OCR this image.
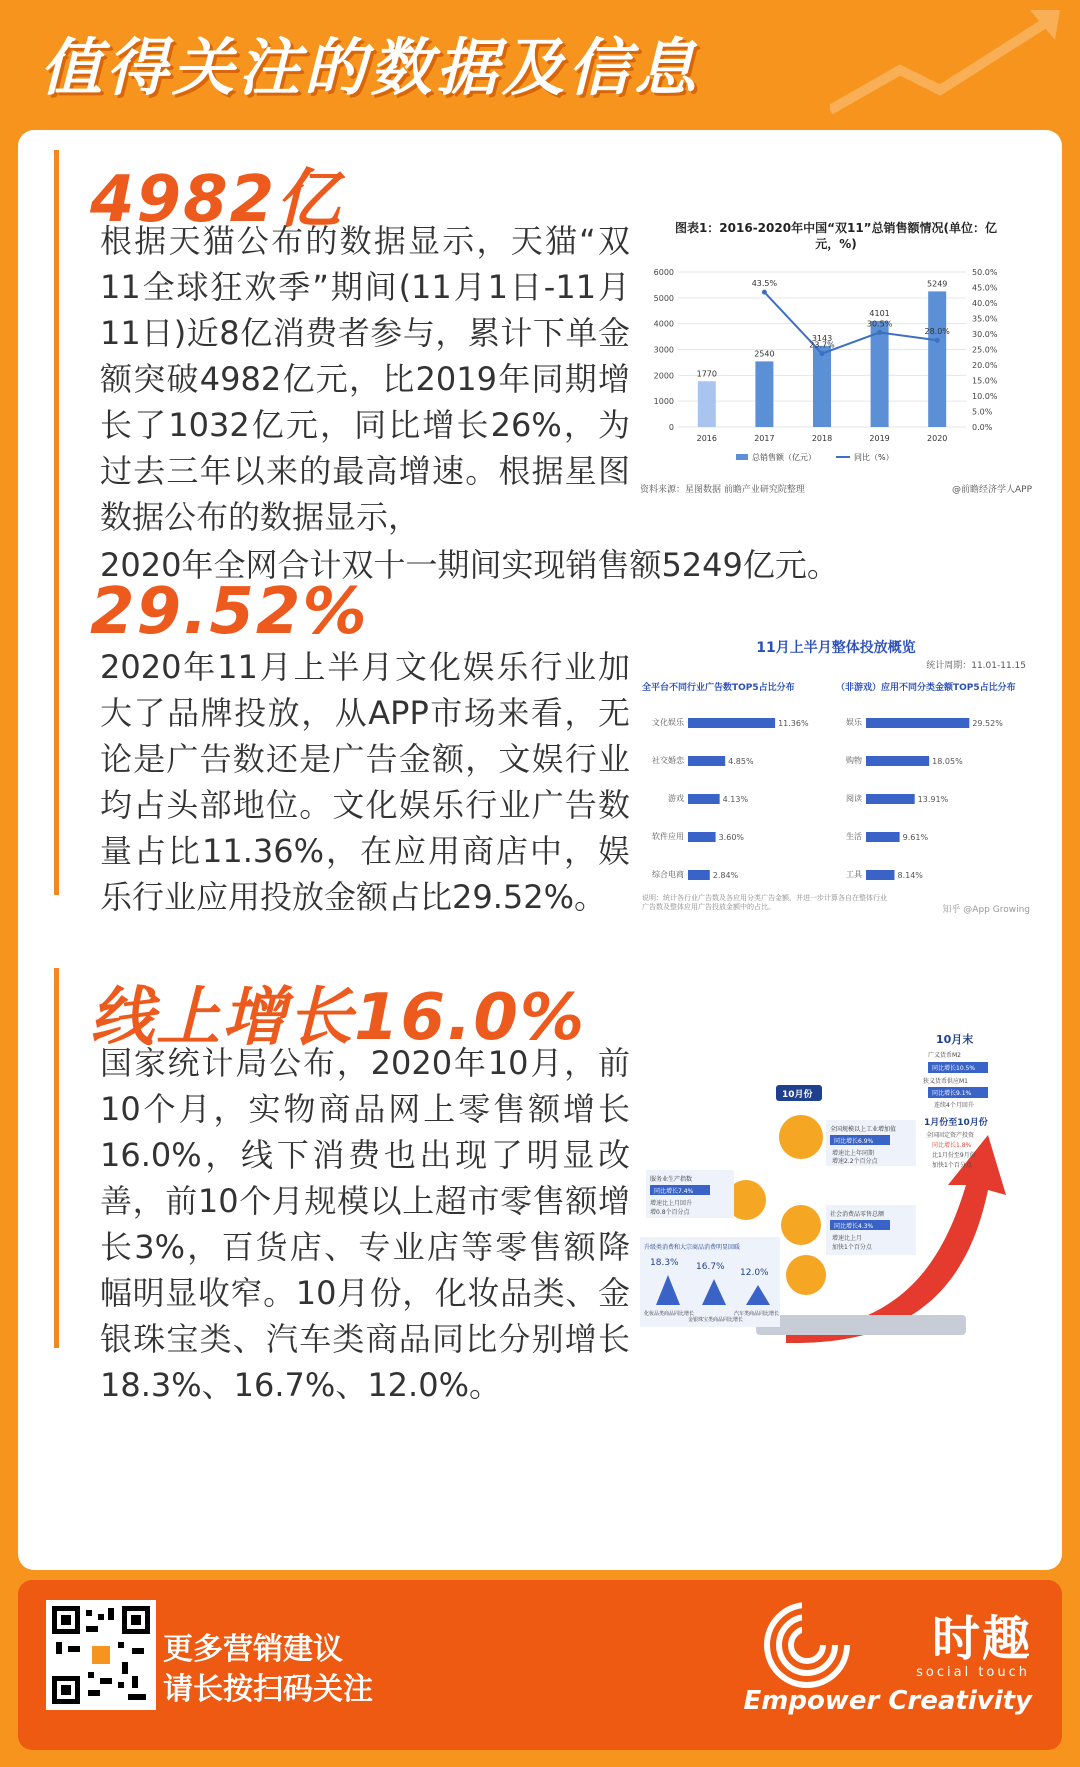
值得关注的数据及信息
4982亿
根据天猫公布的数据显示，天猫“双11全球狂欢季”期间(11月1日-11月11日)近8亿消费者参与，累计下单金额突破4982亿元，比2019年同期增长了1032亿元，同比增长26%，为过去三年以来的最高增速。根据星图数据公布的数据显示，
2020年全网合计双十一期间实现销售额5249亿元。
图表1：2016-2020年中国“双11”总销售额情况(单位：亿元，%)
0
1000
2000
3000
4000
5000
6000
0.0%
5.0%
10.0%
15.0%
20.0%
25.0%
30.0%
35.0%
40.0%
45.0%
50.0%
1770
2016
2540
2017
3143
2018
4101
2019
5249
2020
43.5%
23.7%
30.5%
28.0%
总销售额（亿元）	同比（%）
资料来源：星图数据 前瞻产业研究院整理	@前瞻经济学人APP
29.52%
2020年11月上半月文化娱乐行业加大了品牌投放，从APP市场来看，无论是广告数还是广告金额，文娱行业均占头部地位。文化娱乐行业广告数量占比11.36%，在应用商店中，娱乐行业应用投放金额占比29.52%。
11月上半月整体投放概览
统计周期：11.01-11.15
全平台不同行业广告数TOP5占比分布	（非游戏）应用不同分类金额TOP5占比分布
文化娱乐	11.36%
社交婚恋	4.85%
游戏	4.13%
软件应用	3.60%
综合电商	2.84%
娱乐	29.52%
购物	18.05%
阅读	13.91%
生活	9.61%
工具	8.14%
说明：统计各行业广告数及各应用分类广告金额，并进一步计算各自在整体行业广告数及整体应用广告投放金额中的占比。	知乎 @App Growing
线上增长16.0%
国家统计局公布，2020年10月，前10个月，实物商品网上零售额增长16.0%，线下消费也出现了明显改善，前10个月规模以上超市零售额增长3%，百货店、专业店等零售额降幅明显收窄。10月份，化妆品类、金银珠宝类、汽车类商品同比分别增长18.3%、16.7%、12.0%。
10月末
广义货币M2
同比增长10.5%
狭义货币供应M1
同比增长9.1%
连续4个月回升
1月份至10月份
全国固定资产投资
同比增长1.8%
比1月份至9月份
加快1个百分点
10月份
全国规模以上工业增加值
同比增长6.9%
增速比上年同期
增速2.2个百分点
服务业生产指数
同比增长7.4%
增速比上月回升
增0.8个百分点	社会消费品零售总额
同比增长4.3%
增速比上月
加快1个百分点
升级类消费和大宗商品消费明显回暖
18.3% 16.7%
12.0%
化妆品类商品同比增长
金银珠宝类商品同比增长
汽车类商品同比增长
更多营销建议
请长按扫码关注
时趣
social touch
Empower Creativity
